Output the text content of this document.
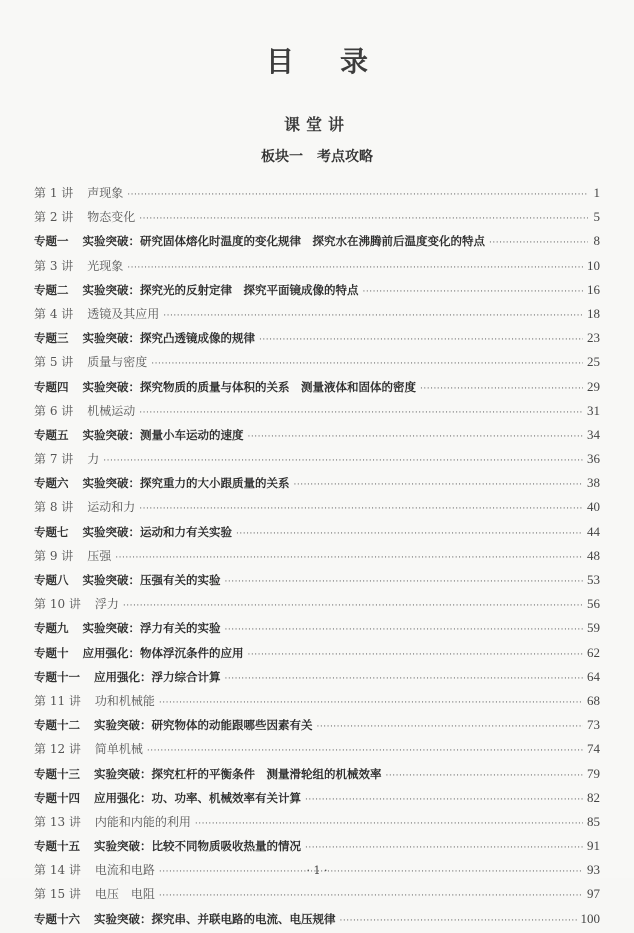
目录
课堂讲
板块一 考点攻略
第 1 讲 声现象 ·····	1
第 2 讲 物态变化 ·····	5
专题一 实验突破：研究固体熔化时温度的变化规律　探究水在沸腾前后温度变化的特点 ·····	8
第 3 讲 光现象 ·····	10
专题二 实验突破：探究光的反射定律　探究平面镜成像的特点 ·····	16
第 4 讲 透镜及其应用 ·····	18
专题三 实验突破：探究凸透镜成像的规律 ·····	23
第 5 讲 质量与密度 ·····	25
专题四 实验突破：探究物质的质量与体积的关系　测量液体和固体的密度 ·····	29
第 6 讲 机械运动 ·····	31
专题五 实验突破：测量小车运动的速度 ·····	34
第 7 讲 力 ·····	36
专题六 实验突破：探究重力的大小跟质量的关系 ·····	38
第 8 讲 运动和力 ·····	40
专题七 实验突破：运动和力有关实验 ·····	44
第 9 讲 压强 ·····	48
专题八 实验突破：压强有关的实验 ·····	53
第 10 讲 浮力 ·····	56
专题九 实验突破：浮力有关的实验 ·····	59
专题十 应用强化：物体浮沉条件的应用 ·····	62
专题十一 应用强化：浮力综合计算 ·····	64
第 11 讲 功和机械能 ·····	68
专题十二 实验突破：研究物体的动能跟哪些因素有关 ·····	73
第 12 讲 简单机械 ·····	74
专题十三 实验突破：探究杠杆的平衡条件　测量滑轮组的机械效率 ·····	79
专题十四 应用强化：功、功率、机械效率有关计算 ·····	82
第 13 讲 内能和内能的利用 ·····	85
专题十五 实验突破：比较不同物质吸收热量的情况 ·····	91
第 14 讲 电流和电路 ·····	93
第 15 讲 电压　电阻 ·····	97
专题十六 实验突破：探究串、并联电路的电流、电压规律 ·····	100
· 1 ·
